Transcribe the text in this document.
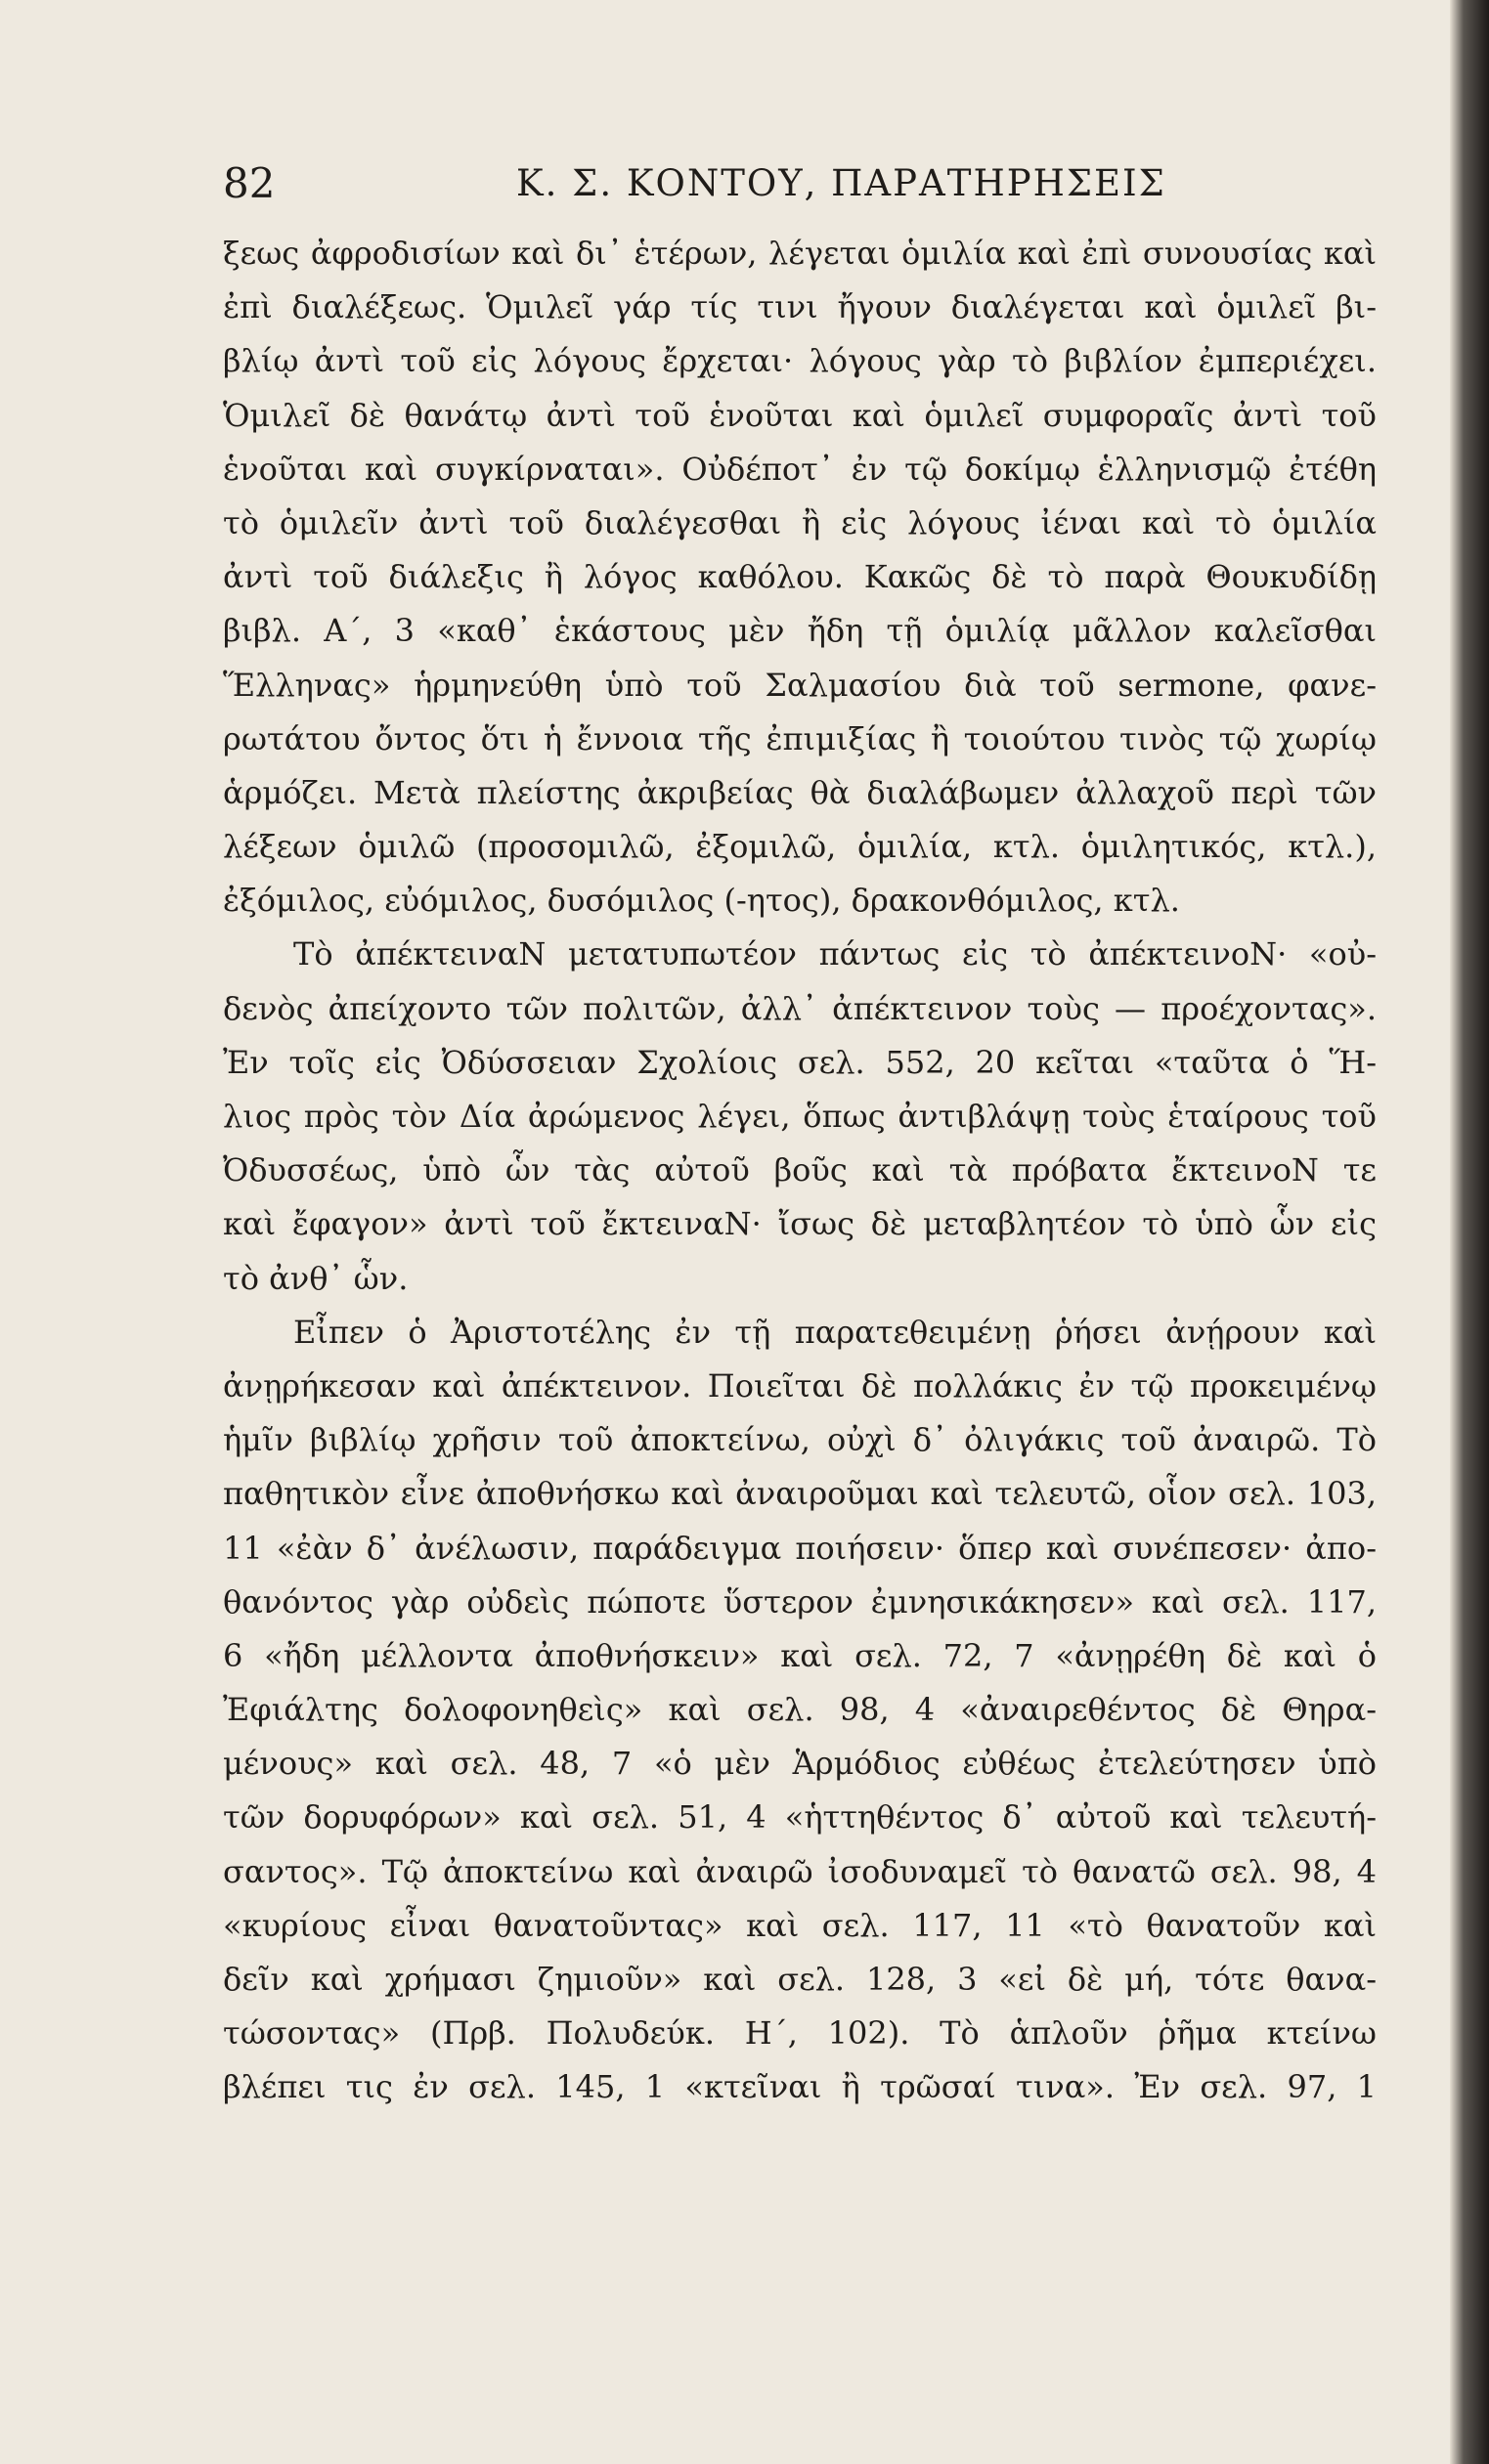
82	Κ. Σ. ΚΟΝΤΟΥ, ΠΑΡΑΤΗΡΗΣΕΙΣ
ξεως ἀφροδισίων καὶ δι᾽ ἑτέρων, λέγεται ὁμιλία καὶ ἐπὶ συνουσίας καὶ
ἐπὶ διαλέξεως. Ὁμιλεῖ γάρ τίς τινι ἤγουν διαλέγεται καὶ ὁμιλεῖ βι-
βλίῳ ἀντὶ τοῦ εἰς λόγους ἔρχεται· λόγους γὰρ τὸ βιβλίον ἐμπεριέχει.
Ὁμιλεῖ δὲ θανάτῳ ἀντὶ τοῦ ἑνοῦται καὶ ὁμιλεῖ συμφοραῖς ἀντὶ τοῦ
ἑνοῦται καὶ συγκίρναται». Οὐδέποτ᾽ ἐν τῷ δοκίμῳ ἑλληνισμῷ ἐτέθη
τὸ ὁμιλεῖν ἀντὶ τοῦ διαλέγεσθαι ἢ εἰς λόγους ἰέναι καὶ τὸ ὁμιλία
ἀντὶ τοῦ διάλεξις ἢ λόγος καθόλου. Κακῶς δὲ τὸ παρὰ Θουκυδίδῃ
βιβλ. Α΄, 3 «καθ᾽ ἑκάστους μὲν ἤδη τῇ ὁμιλίᾳ μᾶλλον καλεῖσθαι
Ἕλληνας» ἡρμηνεύθη ὑπὸ τοῦ Σαλμασίου διὰ τοῦ sermone, φανε-
ρωτάτου ὄντος ὅτι ἡ ἔννοια τῆς ἐπιμιξίας ἢ τοιούτου τινὸς τῷ χωρίῳ
ἁρμόζει. Μετὰ πλείστης ἀκριβείας θὰ διαλάβωμεν ἀλλαχοῦ περὶ τῶν
λέξεων ὁμιλῶ (προσομιλῶ, ἐξομιλῶ, ὁμιλία, κτλ. ὁμιλητικός, κτλ.),
ἐξόμιλος, εὐόμιλος, δυσόμιλος (-ητος), δρακονθόμιλος, κτλ.
Τὸ ἀπέκτειναΝ μετατυπωτέον πάντως εἰς τὸ ἀπέκτεινοΝ· «οὐ-
δενὸς ἀπείχοντο τῶν πολιτῶν, ἀλλ᾽ ἀπέκτεινον τοὺς — προέχοντας».
Ἐν τοῖς εἰς Ὀδύσσειαν Σχολίοις σελ. 552, 20 κεῖται «ταῦτα ὁ Ἥ-
λιος πρὸς τὸν Δία ἀρώμενος λέγει, ὅπως ἀντιβλάψῃ τοὺς ἑταίρους τοῦ
Ὀδυσσέως, ὑπὸ ὧν τὰς αὐτοῦ βοῦς καὶ τὰ πρόβατα ἔκτεινοΝ τε
καὶ ἔφαγον» ἀντὶ τοῦ ἔκτειναΝ· ἴσως δὲ μεταβλητέον τὸ ὑπὸ ὧν εἰς
τὸ ἀνθ᾽ ὧν.
Εἶπεν ὁ Ἀριστοτέλης ἐν τῇ παρατεθειμένῃ ῥήσει ἀνῄρουν καὶ
ἀνῃρήκεσαν καὶ ἀπέκτεινον. Ποιεῖται δὲ πολλάκις ἐν τῷ προκειμένῳ
ἡμῖν βιβλίῳ χρῆσιν τοῦ ἀποκτείνω, οὐχὶ δ᾽ ὀλιγάκις τοῦ ἀναιρῶ. Τὸ
παθητικὸν εἶνε ἀποθνήσκω καὶ ἀναιροῦμαι καὶ τελευτῶ, οἷον σελ. 103,
11 «ἐὰν δ᾽ ἀνέλωσιν, παράδειγμα ποιήσειν· ὅπερ καὶ συνέπεσεν· ἀπο-
θανόντος γὰρ οὐδεὶς πώποτε ὕστερον ἐμνησικάκησεν» καὶ σελ. 117,
6 «ἤδη μέλλοντα ἀποθνήσκειν» καὶ σελ. 72, 7 «ἀνῃρέθη δὲ καὶ ὁ
Ἐφιάλτης δολοφονηθεὶς» καὶ σελ. 98, 4 «ἀναιρεθέντος δὲ Θηρα-
μένους» καὶ σελ. 48, 7 «ὁ μὲν Ἁρμόδιος εὐθέως ἐτελεύτησεν ὑπὸ
τῶν δορυφόρων» καὶ σελ. 51, 4 «ἡττηθέντος δ᾽ αὐτοῦ καὶ τελευτή-
σαντος». Τῷ ἀποκτείνω καὶ ἀναιρῶ ἰσοδυναμεῖ τὸ θανατῶ σελ. 98, 4
«κυρίους εἶναι θανατοῦντας» καὶ σελ. 117, 11 «τὸ θανατοῦν καὶ
δεῖν καὶ χρήμασι ζημιοῦν» καὶ σελ. 128, 3 «εἰ δὲ μή, τότε θανα-
τώσοντας» (Πρβ. Πολυδεύκ. Η΄, 102). Τὸ ἁπλοῦν ῥῆμα κτείνω
βλέπει τις ἐν σελ. 145, 1 «κτεῖναι ἢ τρῶσαί τινα». Ἐν σελ. 97, 1
